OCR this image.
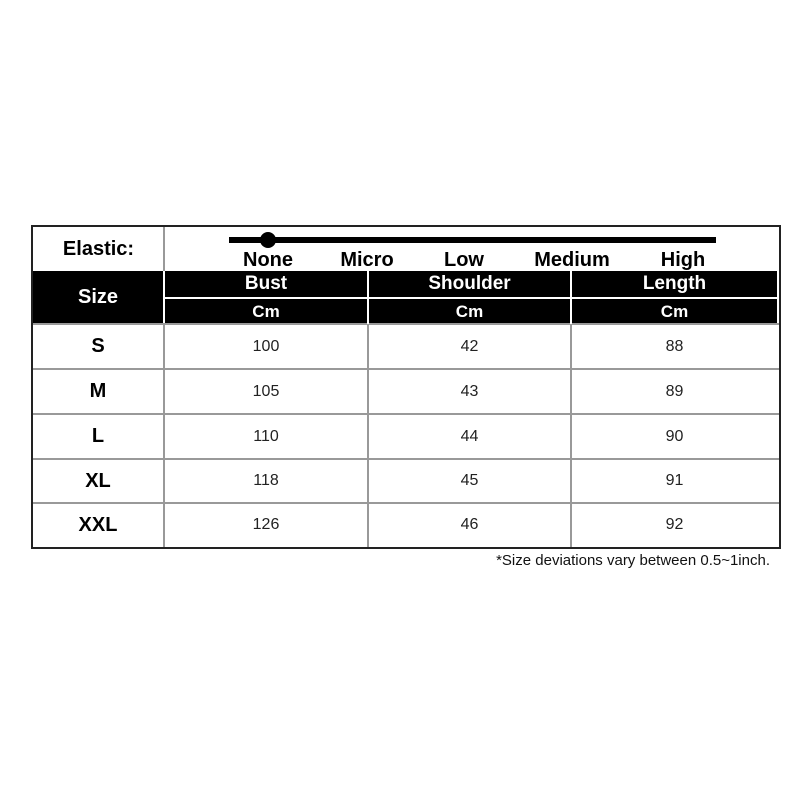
Elastic:
None Micro	Low	Medium	High
Size
Bust	Shoulder	Length
Cm	Cm	Cm
S	100	42	88
M	105	43	89
L	110	44	90
XL	118	45	91
XXL	126	46	92
*Size deviations vary between 0.5~1inch.
